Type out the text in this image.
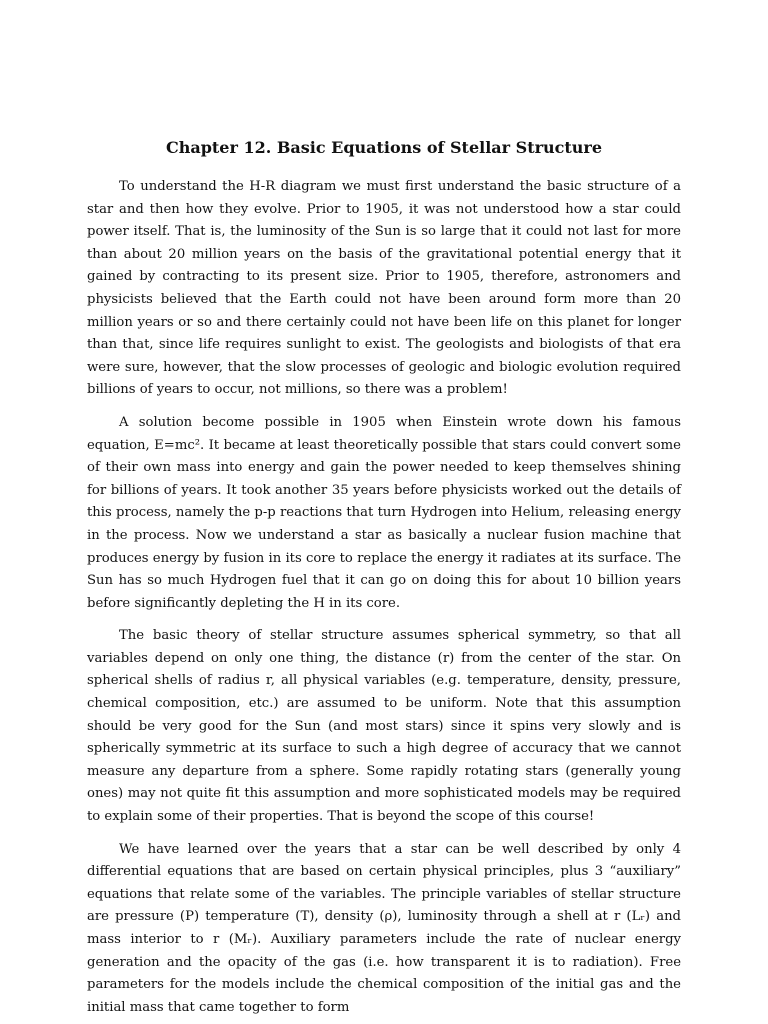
Chapter 12. Basic Equations of Stellar Structure

To understand the H-R diagram we must first understand the basic structure of a star and then how they evolve. Prior to 1905, it was not understood how a star could power itself. That is, the luminosity of the Sun is so large that it could not last for more than about 20 million years on the basis of the gravitational potential energy that it gained by contracting to its present size. Prior to 1905, therefore, astronomers and physicists believed that the Earth could not have been around form more than 20 million years or so and there certainly could not have been life on this planet for longer than that, since life requires sunlight to exist. The geologists and biologists of that era were sure, however, that the slow processes of geologic and biologic evolution required billions of years to occur, not millions, so there was a problem!

A solution become possible in 1905 when Einstein wrote down his famous equation, E=mc². It became at least theoretically possible that stars could convert some of their own mass into energy and gain the power needed to keep themselves shining for billions of years. It took another 35 years before physicists worked out the details of this process, namely the p-p reactions that turn Hydrogen into Helium, releasing energy in the process. Now we understand a star as basically a nuclear fusion machine that produces energy by fusion in its core to replace the energy it radiates at its surface. The Sun has so much Hydrogen fuel that it can go on doing this for about 10 billion years before significantly depleting the H in its core.

The basic theory of stellar structure assumes spherical symmetry, so that all variables depend on only one thing, the distance (r) from the center of the star. On spherical shells of radius r, all physical variables (e.g. temperature, density, pressure, chemical composition, etc.) are assumed to be uniform. Note that this assumption should be very good for the Sun (and most stars) since it spins very slowly and is spherically symmetric at its surface to such a high degree of accuracy that we cannot measure any departure from a sphere. Some rapidly rotating stars (generally young ones) may not quite fit this assumption and more sophisticated models may be required to explain some of their properties. That is beyond the scope of this course!

We have learned over the years that a star can be well described by only 4 differential equations that are based on certain physical principles, plus 3 “auxiliary” equations that relate some of the variables. The principle variables of stellar structure are pressure (P) temperature (T), density (ρ), luminosity through a shell at r (Lᵣ) and mass interior to r (Mᵣ). Auxiliary parameters include the rate of nuclear energy generation and the opacity of the gas (i.e. how transparent it is to radiation). Free parameters for the models include the chemical composition of the initial gas and the initial mass that came together to form
